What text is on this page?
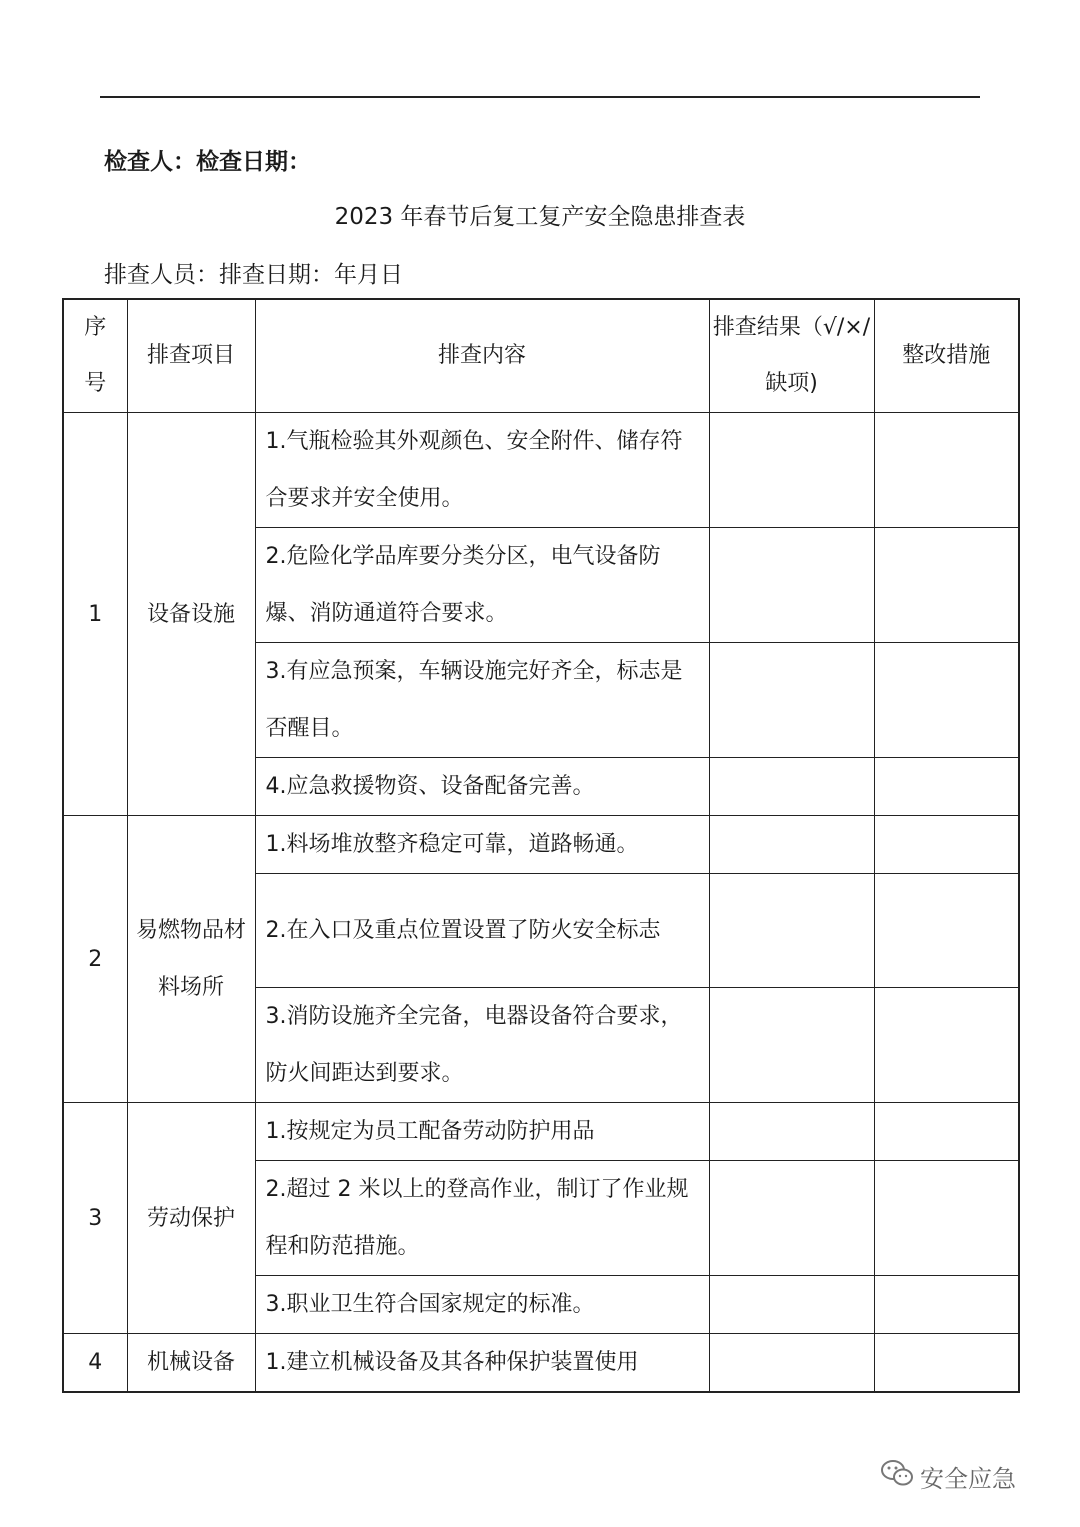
检查人：检查日期：
2023 年春节后复工复产安全隐患排查表
排查人员：排查日期：年月日
序
号	排查项目	排查内容	排查结果（√/×/缺项)	整改措施
1	设备设施	1.气瓶检验其外观颜色、安全附件、储存符合要求并安全使用。		
		2.危险化学品库要分类分区，电气设备防爆、消防通道符合要求。		
		3.有应急预案，车辆设施完好齐全，标志是否醒目。		
		4.应急救援物资、设备配备完善。		
2	易燃物品材料场所	1.料场堆放整齐稳定可靠，道路畅通。		
		2.在入口及重点位置设置了防火安全标志		
		3.消防设施齐全完备，电器设备符合要求，防火间距达到要求。		
3	劳动保护	1.按规定为员工配备劳动防护用品		
		2.超过 2 米以上的登高作业，制订了作业规程和防范措施。		
		3.职业卫生符合国家规定的标准。		
4	机械设备	1.建立机械设备及其各种保护装置使用		
安全应急
